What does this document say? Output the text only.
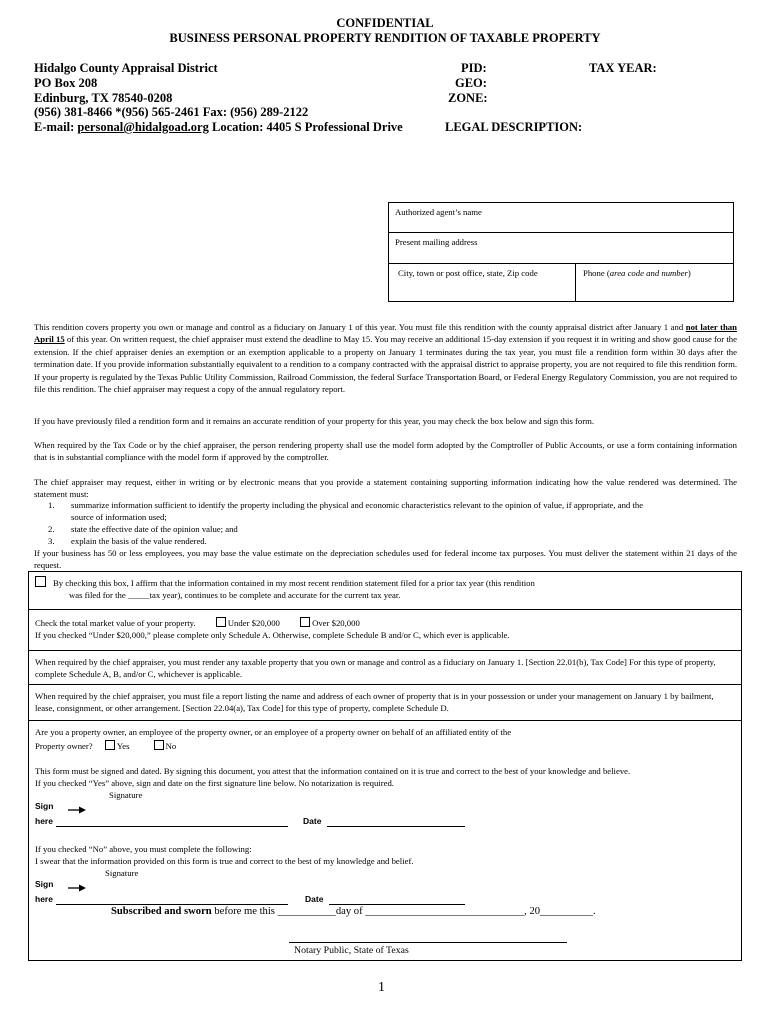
CONFIDENTIAL
BUSINESS PERSONAL PROPERTY RENDITION OF TAXABLE PROPERTY
Hidalgo County Appraisal District
PO Box 208
Edinburg, TX 78540-0208
(956) 381-8466 *(956) 565-2461 Fax: (956) 289-2122
E-mail: personal@hidalgoad.org Location: 4405 S Professional Drive
PID:
GEO:
ZONE:
TAX YEAR:
LEGAL DESCRIPTION:
Authorized agent’s name
Present mailing address
City, town or post office, state, Zip code	Phone (area code and number)
This rendition covers property you own or manage and control as a fiduciary on January 1 of this year. You must file this rendition with the county appraisal district after January 1 and not later than April 15 of this year. On written request, the chief appraiser must extend the deadline to May 15. You may receive an additional 15-day extension if you request it in writing and show good cause for the extension. If the chief appraiser denies an exemption or an exemption applicable to a property on January 1 terminates during the tax year, you must file a rendition form within 30 days after the termination date. If you provide information substantially equivalent to a rendition to a company contracted with the appraisal district to appraise property, you are not required to file this rendition form. If your property is regulated by the Texas Public Utility Commission, Railroad Commission, the federal Surface Transportation Board, or Federal Energy Regulatory Commission, you are not required to file this rendition. The chief appraiser may request a copy of the annual regulatory report.
If you have previously filed a rendition form and it remains an accurate rendition of your property for this year, you may check the box below and sign this form.
When required by the Tax Code or by the chief appraiser, the person rendering property shall use the model form adopted by the Comptroller of Public Accounts, or use a form containing information that is in substantial compliance with the model form if approved by the comptroller.
The chief appraiser may request, either in writing or by electronic means that you provide a statement containing supporting information indicating how the value rendered was determined. The statement must:
1. summarize information sufficient to identify the property including the physical and economic characteristics relevant to the opinion of value, if appropriate, and the
source of information used;
2. state the effective date of the opinion value; and
3. explain the basis of the value rendered.
If your business has 50 or less employees, you may base the value estimate on the depreciation schedules used for federal income tax purposes. You must deliver the statement within 21 days of the request.
By checking this box, I affirm that the information contained in my most recent rendition statement filed for a prior tax year (this rendition
was filed for the _____tax year), continues to be complete and accurate for the current tax year.
Check the total market value of your property.	Under $20,000	Over $20,000
If you checked “Under $20,000,” please complete only Schedule A. Otherwise, complete Schedule B and/or C, which ever is applicable.
When required by the chief appraiser, you must render any taxable property that you own or manage and control as a fiduciary on January 1. [Section 22.01(b), Tax Code] For this type of property, complete Schedule A, B, and/or C, whichever is applicable.
When required by the chief appraiser, you must file a report listing the name and address of each owner of property that is in your possession or under your management on January 1 by bailment, lease, consignment, or other arrangement. [Section 22.04(a), Tax Code] for this type of property, complete Schedule D.
Are you a property owner, an employee of the property owner, or an employee of a property owner on behalf of an affiliated entity of the
Property owner?	Yes	No
This form must be signed and dated. By signing this document, you attest that the information contained on it is true and correct to the best of your knowledge and believe.
If you checked “Yes” above, sign and date on the first signature line below. No notarization is required.
Signature
Sign
here	Date
If you checked “No” above, you must complete the following:
I swear that the information provided on this form is true and correct to the best of my knowledge and belief.
Signature
Sign
here	Date
Subscribed and sworn before me this ___________day of ______________________________, 20__________.
Notary Public, State of Texas
1
